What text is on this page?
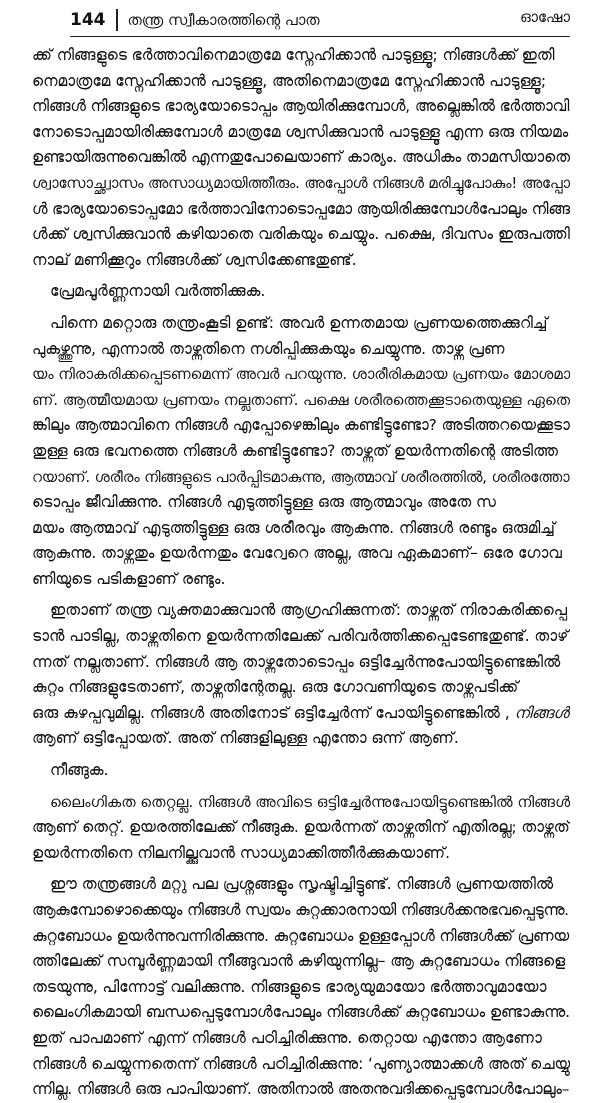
144	തന്ത്ര സ്വീകാരത്തിന്റെ പാത	ഓഷോ
ക്ക് നിങ്ങളുടെ ഭർത്താവിനെമാത്രമേ സ്നേഹിക്കാൻ പാടുള്ളൂ; നിങ്ങൾക്ക് ഇതി
നെമാത്രമേ സ്നേഹിക്കാൻ പാടുള്ളൂ, അതിനെമാത്രമേ സ്നേഹിക്കാൻ പാടുള്ളൂ;
നിങ്ങൾ നിങ്ങളുടെ ഭാര്യയോടൊപ്പം ആയിരിക്കുമ്പോൾ, അല്ലെങ്കിൽ ഭർത്താവി
നോടൊപ്പമായിരിക്കുമ്പോൾ മാത്രമേ ശ്വസിക്കുവാൻ പാടുള്ളൂ എന്ന ഒരു നിയമം
ഉണ്ടായിരുന്നുവെങ്കിൽ എന്നതുപോലെയാണ് കാര്യം. അധികം താമസിയാതെ
ശ്വാസോച്ഛ്വാസം അസാധ്യമായിത്തീരും. അപ്പോൾ നിങ്ങൾ മരിച്ചുപോകും! അപ്പോ
ൾ ഭാര്യയോടൊപ്പമോ ഭർത്താവിനോടൊപ്പമോ ആയിരിക്കുമ്പോൾപോലും നിങ്ങ
ൾക്ക് ശ്വസിക്കുവാൻ കഴിയാതെ വരികയും ചെയ്യും. പക്ഷെ, ദിവസം ഇരുപത്തി
നാല് മണിക്കൂറും നിങ്ങൾക്ക് ശ്വസിക്കേണ്ടതുണ്ട്.
പ്രേമപൂർണ്ണനായി വർത്തിക്കുക.
പിന്നെ മറ്റൊരു തന്ത്രംകൂടി ഉണ്ട്: അവർ ഉന്നതമായ പ്രണയത്തെക്കുറിച്ച്
പുകഴ്ത്തുന്നു, എന്നാൽ താഴ്ന്നതിനെ നശിപ്പിക്കുകയും ചെയ്യുന്നു. താഴ്ന്ന പ്രണ
യം നിരാകരിക്കപ്പെടണമെന്ന് അവർ പറയുന്നു. ശാരീരികമായ പ്രണയം മോശമാ
ണ്. ആത്മീയമായ പ്രണയം നല്ലതാണ്. പക്ഷെ ശരീരത്തെക്കൂടാതെയുള്ള ഏതെ
ങ്കിലും ആത്മാവിനെ നിങ്ങൾ എപ്പോഴെങ്കിലും കണ്ടിട്ടുണ്ടോ? അടിത്തറയെക്കൂടാ
തുള്ള ഒരു ഭവനത്തെ നിങ്ങൾ കണ്ടിട്ടുണ്ടോ? താഴ്ന്നത് ഉയർന്നതിന്റെ അടിത്ത
റയാണ്. ശരീരം നിങ്ങളുടെ പാർപ്പിടമാകുന്നു, ആത്മാവ് ശരീരത്തിൽ, ശരീരത്തോ
ടൊപ്പം ജീവിക്കുന്നു. നിങ്ങൾ എടുത്തിട്ടുള്ള ഒരു ആത്മാവും അതേ സ
മയം ആത്മാവ് എടുത്തിട്ടുള്ള ഒരു ശരീരവും ആകുന്നു. നിങ്ങൾ രണ്ടും ഒരുമിച്ച്
ആകുന്നു. താഴ്ന്നതും ഉയർന്നതും വേറ്വേറെ അല്ല, അവ ഏകമാണ്– ഒരേ ഗോവ
ണിയുടെ പടികളാണ് രണ്ടും.
ഇതാണ് തന്ത്ര വ്യക്തമാക്കുവാൻ ആഗ്രഹിക്കുന്നത്: താഴ്ന്നത് നിരാകരിക്കപ്പെ
ടാൻ പാടില്ല, താഴ്ന്നതിനെ ഉയർന്നതിലേക്ക് പരിവർത്തിക്കപ്പെടേണ്ടതുണ്ട്. താഴ്
ന്നത് നല്ലതാണ്. നിങ്ങൾ ആ താഴ്ന്നതോടൊപ്പം ഒട്ടിച്ചേർന്നുപോയിട്ടുണ്ടെങ്കിൽ
കുറ്റം നിങ്ങളുടേതാണ്, താഴ്ന്നതിന്റേതല്ല. ഒരു ഗോവണിയുടെ താഴ്ന്നപടിക്ക്
ഒരു കുഴപ്പവുമില്ല. നിങ്ങൾ അതിനോട് ഒട്ടിച്ചേർന്ന് പോയിട്ടുണ്ടെങ്കിൽ , നിങ്ങൾ
ആണ് ഒട്ടിപ്പോയത്. അത് നിങ്ങളിലുള്ള എന്തോ ഒന്ന് ആണ്.
നീങ്ങുക.
ലൈംഗികത തെറ്റല്ല. നിങ്ങൾ അവിടെ ഒട്ടിച്ചേർന്നുപോയിട്ടുണ്ടെങ്കിൽ നിങ്ങൾ
ആണ് തെറ്റ്. ഉയരത്തിലേക്ക് നീങ്ങുക. ഉയർന്നത് താഴ്ന്നതിന് എതിരല്ല; താഴ്ന്നത്
ഉയർന്നതിനെ നിലനില്ക്കുവാൻ സാധ്യമാക്കിത്തീർക്കുകയാണ്.
ഈ തന്ത്രങ്ങൾ മറ്റു പല പ്രശ്നങ്ങളും സൃഷ്ടിച്ചിട്ടുണ്ട്. നിങ്ങൾ പ്രണയത്തിൽ
ആകുമ്പോഴൊക്കെയും നിങ്ങൾ സ്വയം കുറ്റക്കാരനായി നിങ്ങൾക്കനുഭവപ്പെടുന്നു.
കുറ്റബോധം ഉയർന്നുവന്നിരിക്കുന്നു. കുറ്റബോധം ഉള്ളപ്പോൾ നിങ്ങൾക്ക് പ്രണയ
ത്തിലേക്ക് സമ്പൂർണ്ണമായി നീങ്ങുവാൻ കഴിയുന്നില്ല– ആ കുറ്റബോധം നിങ്ങളെ
തടയുന്നു, പിന്നോട്ട് വലിക്കുന്നു. നിങ്ങളുടെ ഭാര്യയുമായോ ഭർത്താവുമായോ
ലൈംഗികമായി ബന്ധപ്പെടുമ്പോൾപോലും നിങ്ങൾക്ക് കുറ്റബോധം ഉണ്ടാകുന്നു.
ഇത് പാപമാണ് എന്ന് നിങ്ങൾ പഠിച്ചിരിക്കുന്നു. തെറ്റായ എന്തോ ആണോ
നിങ്ങൾ ചെയ്യുന്നതെന്ന് നിങ്ങൾ പഠിച്ചിരിക്കുന്നു: ‘പുണ്യാത്മാക്കൾ അത് ചെയ്യു
ന്നില്ല. നിങ്ങൾ ഒരു പാപിയാണ്. അതിനാൽ അതനുവദിക്കപ്പെടുമ്പോൾപോലും–
